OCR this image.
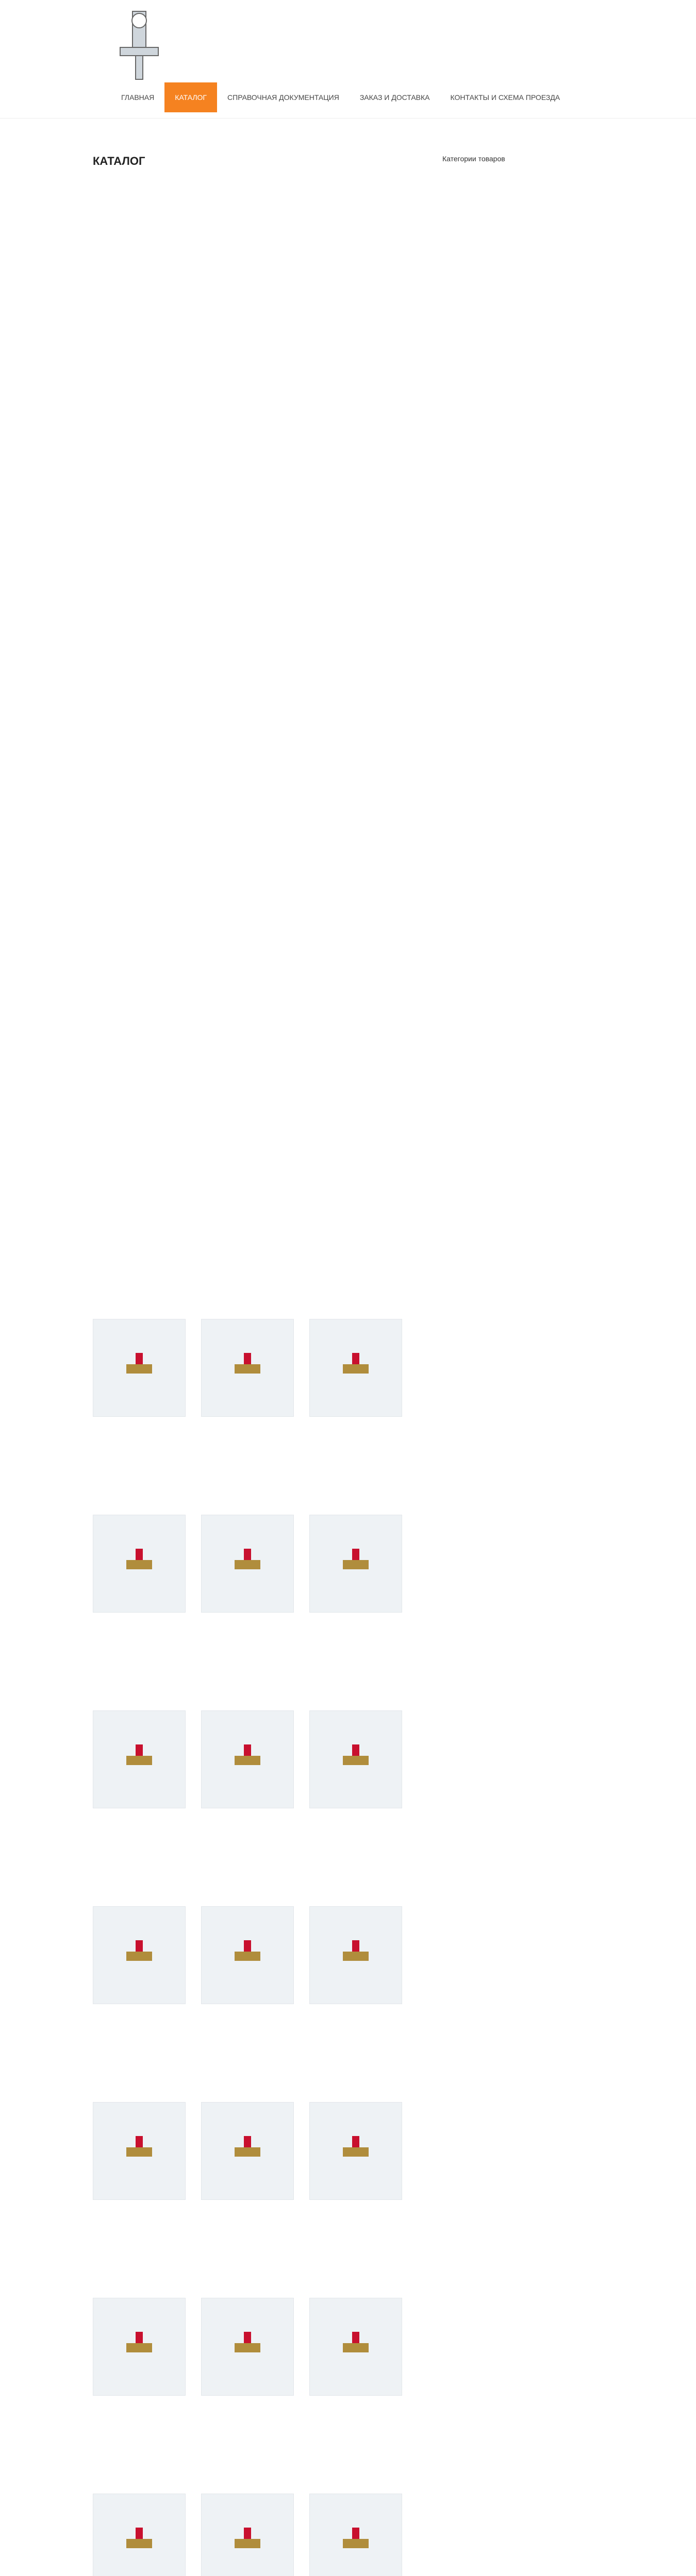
ГЛАВНАЯ	КАТАЛОГ	СПРАВОЧНАЯ ДОКУМЕНТАЦИЯ	ЗАКАЗ И ДОСТАВКА	КОНТАКТЫ И СХЕМА ПРОЕЗДА
КАТАЛОГ	Категории товаров
